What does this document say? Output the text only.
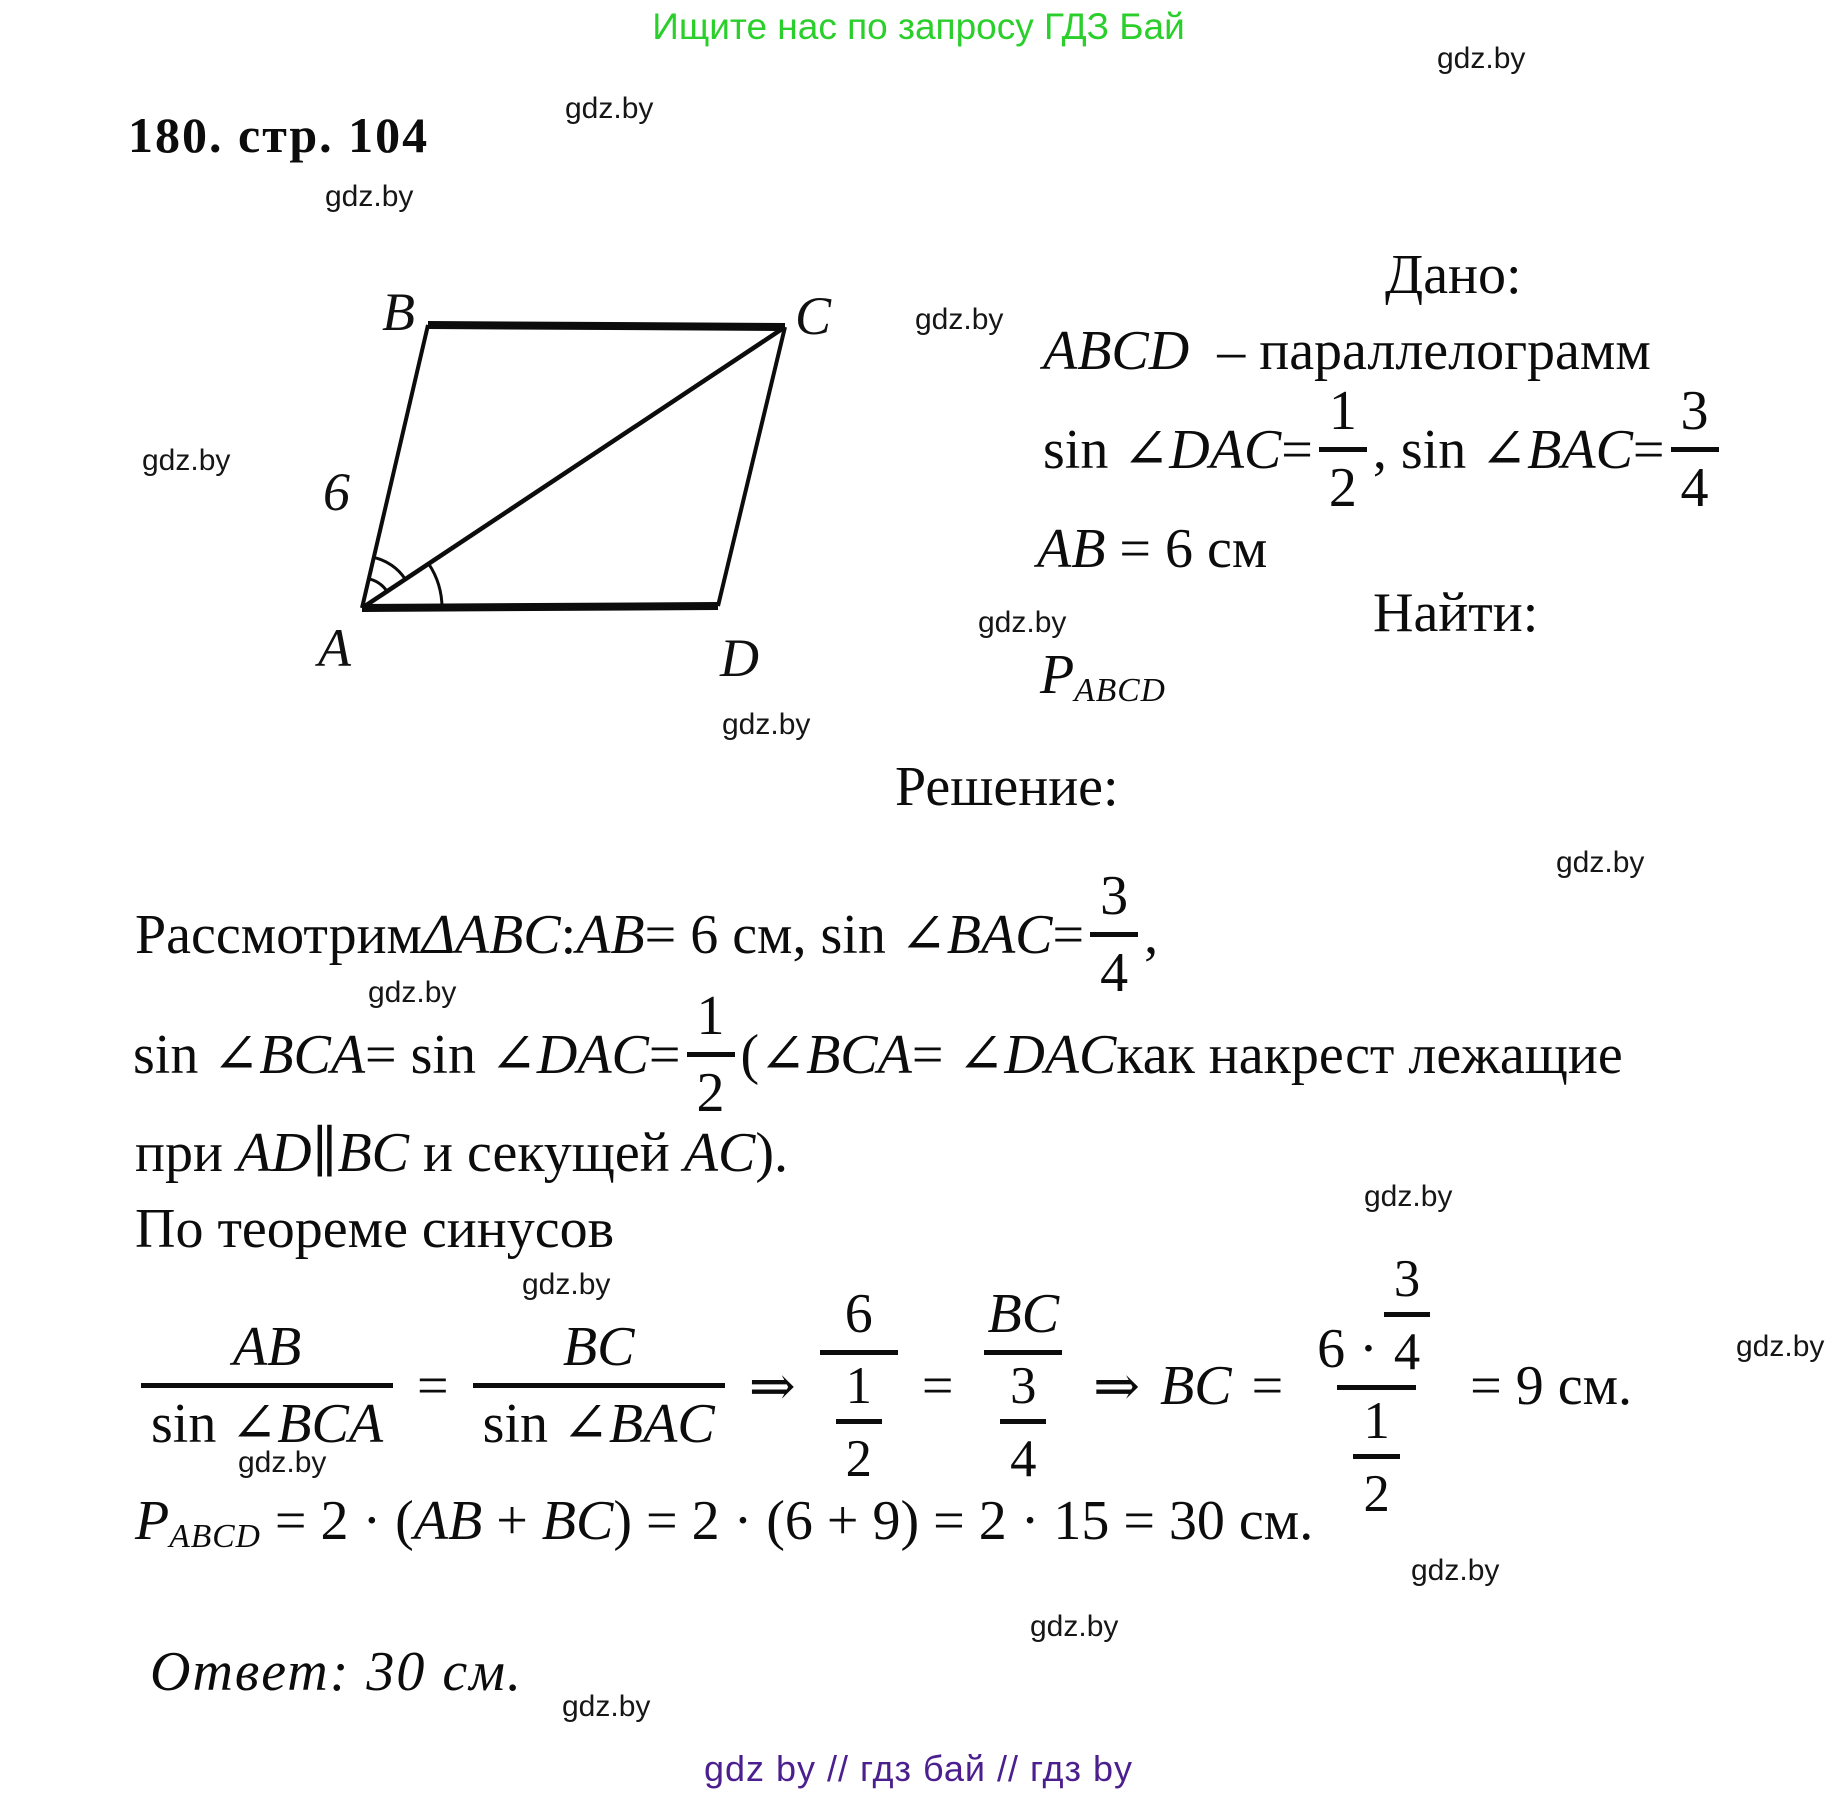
Ищите нас по запросу ГДЗ Бай
180. стр. 104
gdz.by
gdz.by
gdz.by
gdz.by
gdz.by
gdz.by
gdz.by
gdz.by
gdz.by
gdz.by
gdz.by
gdz.by
gdz.by
gdz.by
gdz.by
gdz.by
B	C
A	D
6
Дано:
ABCD – параллелограмм
sin ∠ DAC = $\frac{1}{2}$ , sin ∠ BAC = $\frac{3}{4}$
AB = 6 см
Найти:
PABCD
Решение:
Рассмотрим ΔABC : AB = 6 см, sin ∠ BAC = $\frac{3}{4}$ ,
sin ∠ BCA = sin ∠ DAC = $\frac{1}{2}$ (∠ BCA = ∠ DAC как накрест лежащие
при AD∥BC и секущей AC).
По теореме синусов
$\frac{AB}{\text{sin ∠ BCA}} = \frac{BC}{\text{sin ∠ BAC}}$ ⇒ $\frac{6}{\frac{1}{2}} = \frac{BC}{\frac{3}{4}}$ ⇒ BC = $\frac{6 \cdot \frac{3}{4}}{\frac{1}{2}} = 9$ см.
PABCD = 2 · (AB + BC) = 2 · (6 + 9) = 2 · 15 = 30 см.
Ответ: 30 см.
gdz by // гдз бай // гдз by
